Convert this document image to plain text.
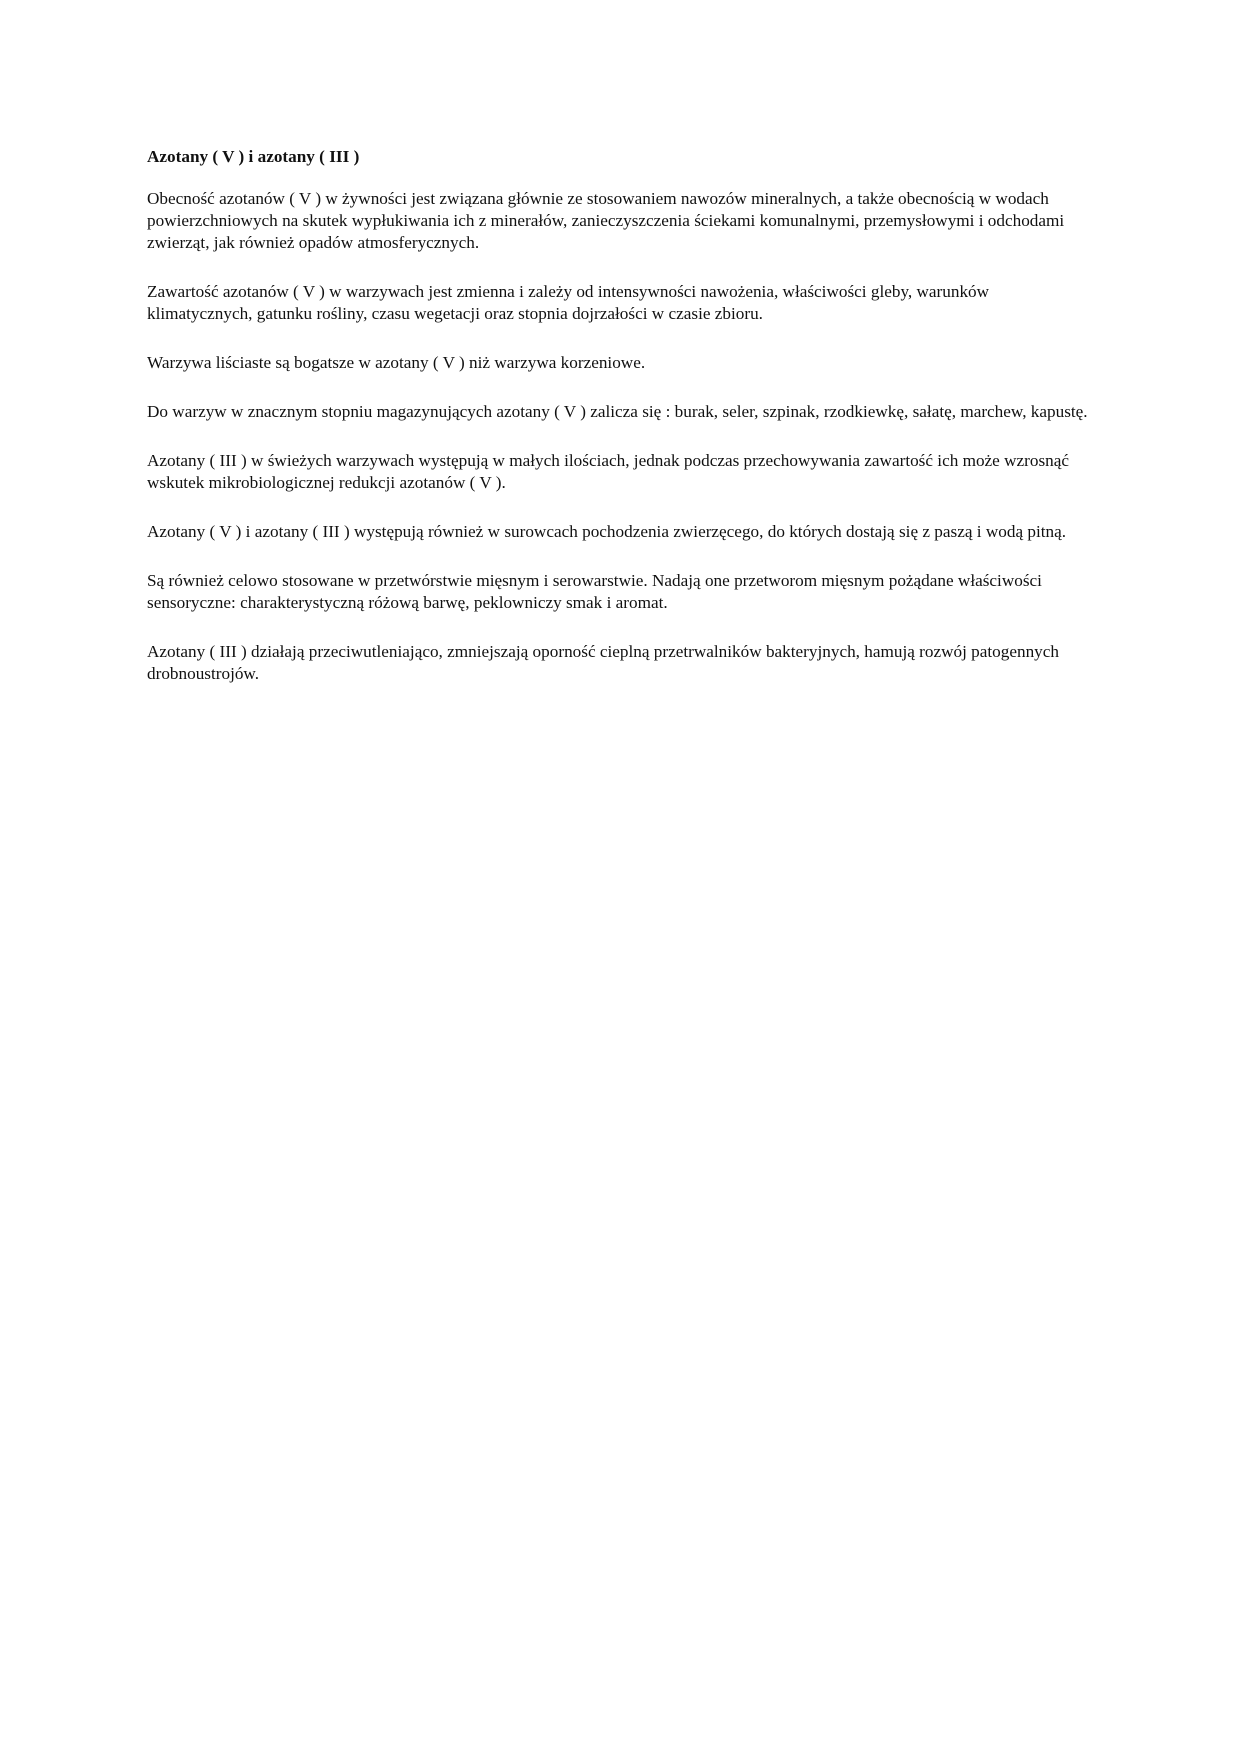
Azotany ( V ) i azotany ( III )

Obecność azotanów ( V ) w żywności jest związana głównie ze stosowaniem nawozów mineralnych, a także obecnością w wodach powierzchniowych na skutek wypłukiwania ich z minerałów, zanieczyszczenia ściekami komunalnymi, przemysłowymi i odchodami zwierząt, jak również opadów atmosferycznych.

Zawartość azotanów ( V ) w warzywach jest zmienna i zależy od intensywności nawożenia, właściwości gleby, warunków klimatycznych, gatunku rośliny, czasu wegetacji oraz stopnia dojrzałości w czasie zbioru.

Warzywa liściaste są bogatsze w azotany ( V ) niż warzywa korzeniowe.

Do warzyw w znacznym stopniu magazynujących azotany ( V ) zalicza się : burak, seler, szpinak, rzodkiewkę, sałatę, marchew, kapustę.

Azotany ( III ) w świeżych warzywach występują w małych ilościach, jednak podczas przechowywania zawartość ich może wzrosnąć wskutek mikrobiologicznej redukcji azotanów ( V ).

Azotany ( V ) i azotany ( III ) występują również w surowcach pochodzenia zwierzęcego, do których dostają się z paszą i wodą pitną.

Są również celowo stosowane w przetwórstwie mięsnym i serowarstwie. Nadają one przetworom mięsnym pożądane właściwości sensoryczne: charakterystyczną różową barwę, peklowniczy smak i aromat.

Azotany ( III ) działają przeciwutleniająco, zmniejszają oporność cieplną przetrwalników bakteryjnych, hamują rozwój patogennych drobnoustrojów.
